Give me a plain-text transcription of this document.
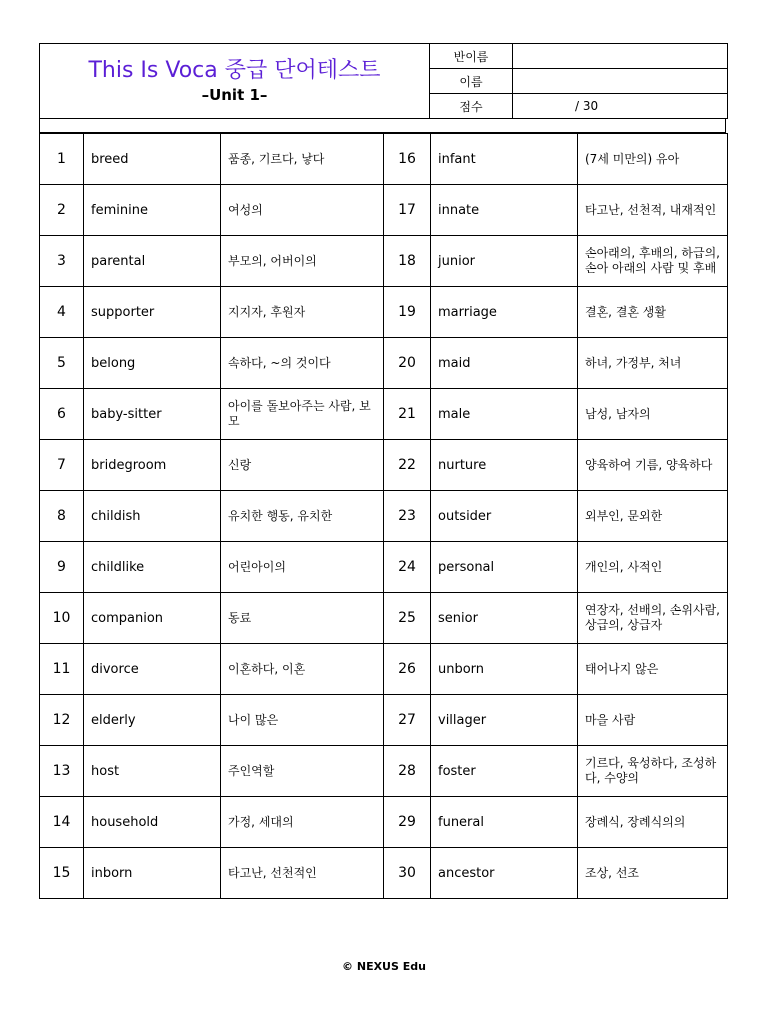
This Is Voca 중급 단어테스트
–Unit 1–	반이름	
	이름	
	점수	/ 30
1	breed	품종, 기르다, 낳다	16	infant	(7세 미만의) 유아
2	feminine	여성의	17	innate	타고난, 선천적, 내재적인
3	parental	부모의, 어버이의	18	junior	손아래의, 후배의, 하급의, 손아 아래의 사람 및 후배
4	supporter	지지자, 후원자	19	marriage	결혼, 결혼 생활
5	belong	속하다, ~의 것이다	20	maid	하녀, 가정부, 처녀
6	baby-sitter	아이를 돌보아주는 사람, 보모	21	male	남성, 남자의
7	bridegroom	신랑	22	nurture	양육하여 기름, 양육하다
8	childish	유치한 행동, 유치한	23	outsider	외부인, 문외한
9	childlike	어린아이의	24	personal	개인의, 사적인
10	companion	동료	25	senior	연장자, 선배의, 손위사람, 상급의, 상급자
11	divorce	이혼하다, 이혼	26	unborn	태어나지 않은
12	elderly	나이 많은	27	villager	마을 사람
13	host	주인역할	28	foster	기르다, 육성하다, 조성하다, 수양의
14	household	가정, 세대의	29	funeral	장례식, 장례식의의
15	inborn	타고난, 선천적인	30	ancestor	조상, 선조
© NEXUS Edu
